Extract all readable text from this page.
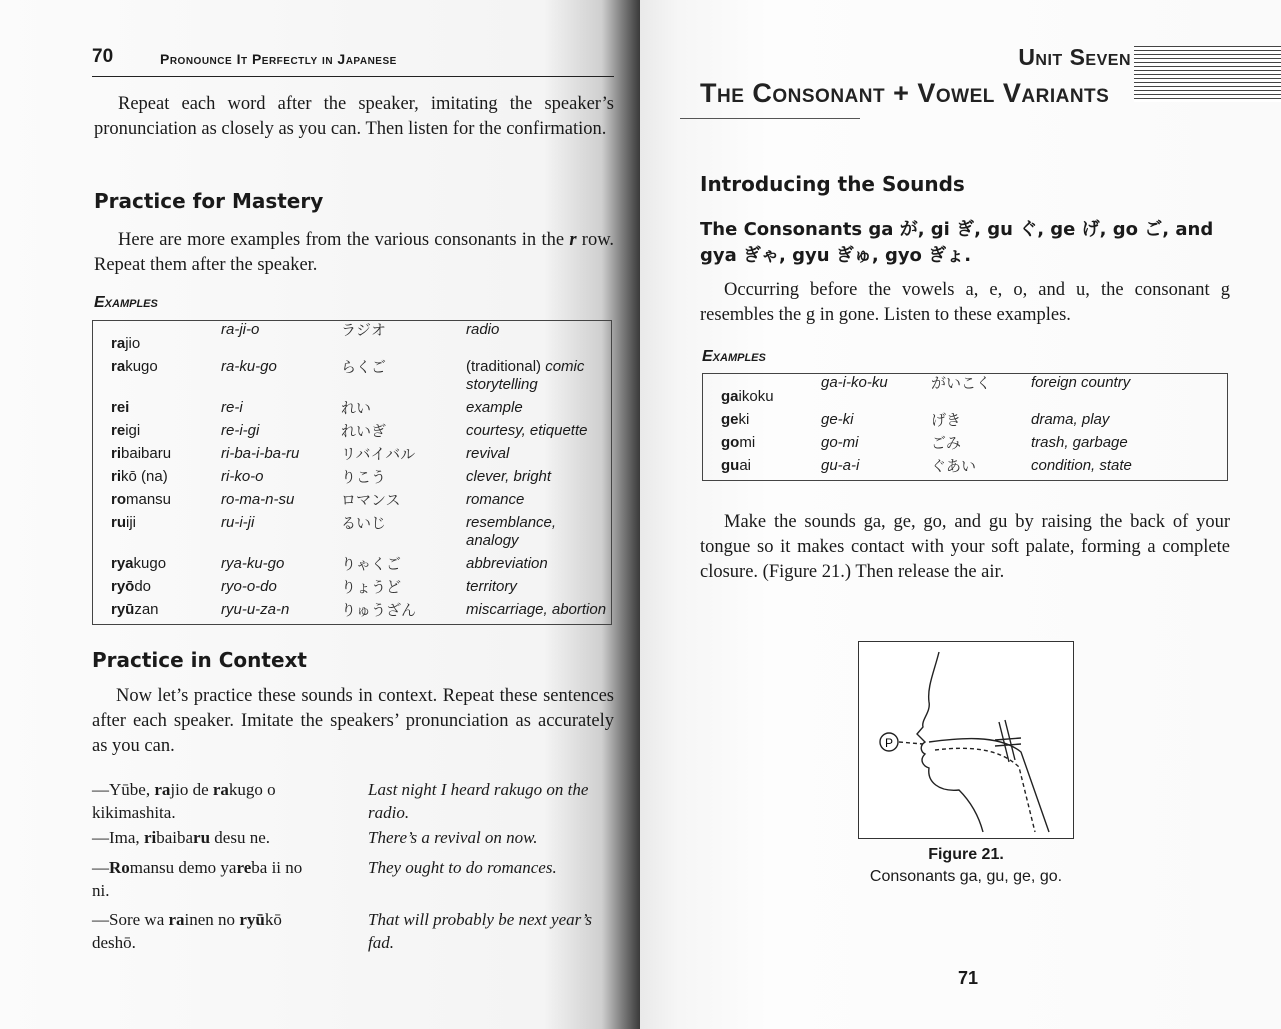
70	Pronounce It Perfectly in Japanese

Repeat each word after the speaker, imitating the speaker’s pronunciation as closely as you can. Then listen for the confirmation.

Practice for Mastery

Here are more examples from the various consonants in the r row. Repeat them after the speaker.

Examples
rajio	ra-ji-o	ラジオ	radio
rakugo	ra-ku-go	らくご	(traditional) comic storytelling
rei	re-i	れい	example
reigi	re-i-gi	れいぎ	courtesy, etiquette
ribaibaru	ri-ba-i-ba-ru	リバイバル	revival
rikō (na)	ri-ko-o	りこう	clever, bright
romansu	ro-ma-n-su	ロマンス	romance
ruiji	ru-i-ji	るいじ	resemblance, analogy
ryakugo	rya-ku-go	りゃくご	abbreviation
ryōdo	ryo-o-do	りょうど	territory
ryūzan	ryu-u-za-n	りゅうざん	miscarriage, abortion
Practice in Context

Now let’s practice these sounds in context. Repeat these sentences after each speaker. Imitate the speakers’ pronunciation as accurately as you can.

—Yūbe, rajio de rakugo o kikimashita.
Last night I heard rakugo on the radio.
—Ima, ribaibaru desu ne.	There’s a revival on now.
—Romansu demo yareba ii no ni.
They ought to do romances.
—Sore wa rainen no ryūkō deshō.
That will probably be next year’s fad.
Unit Seven
The Consonant + Vowel Variants
Introducing the Sounds
The Consonants ga が, gi ぎ, gu ぐ, ge げ, go ご, and gya ぎゃ, gyu ぎゅ, gyo ぎょ.

Occurring before the vowels a, e, o, and u, the consonant g resembles the g in gone. Listen to these examples.

Examples
gaikoku	ga-i-ko-ku	がいこく	foreign country
geki	ge-ki	げき	drama, play
gomi	go-mi	ごみ	trash, garbage
guai	gu-a-i	ぐあい	condition, state

Make the sounds ga, ge, go, and gu by raising the back of your tongue so it makes contact with your soft palate, forming a complete closure. (Figure 21.) Then release the air.

P
Figure 21.
Consonants ga, gu, ge, go.
71
